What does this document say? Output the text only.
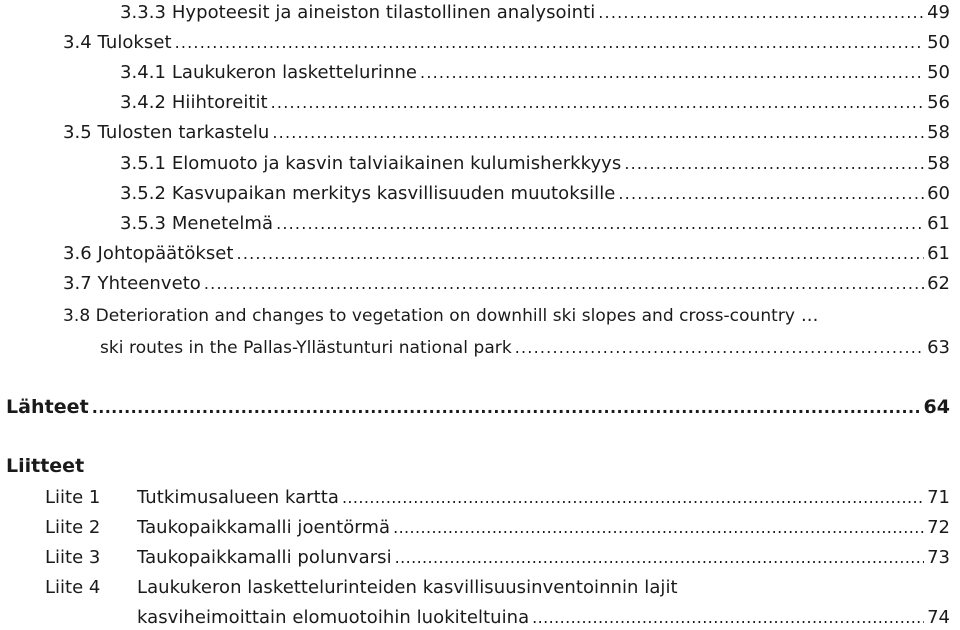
3.3.3 Hypoteesit ja aineiston tilastollinen analysointi .....	49
3.4 Tulokset .....	50
3.4.1 Laukukeron laskettelurinne .....	50
3.4.2 Hiihtoreitit .....	56
3.5 Tulosten tarkastelu .....	58
3.5.1 Elomuoto ja kasvin talviaikainen kulumisherkkyys .....	58
3.5.2 Kasvupaikan merkitys kasvillisuuden muutoksille .....	60
3.5.3 Menetelmä .....	61
3.6 Johtopäätökset .....	61
3.7 Yhteenveto .....	62
3.8 Deterioration and changes to vegetation on downhill ski slopes and cross-country ...
ski routes in the Pallas-Yllästunturi national park .....	63
Lähteet .....	64
Liitteet
Liite 1	Tutkimusalueen kartta .....	71
Liite 2	Taukopaikkamalli joentörmä .....	72
Liite 3	Taukopaikkamalli polunvarsi .....	73
Liite 4	Laukukeron laskettelurinteiden kasvillisuusinventoinnin lajit
kasviheimoittain elomuotoihin luokiteltuina .....	74
